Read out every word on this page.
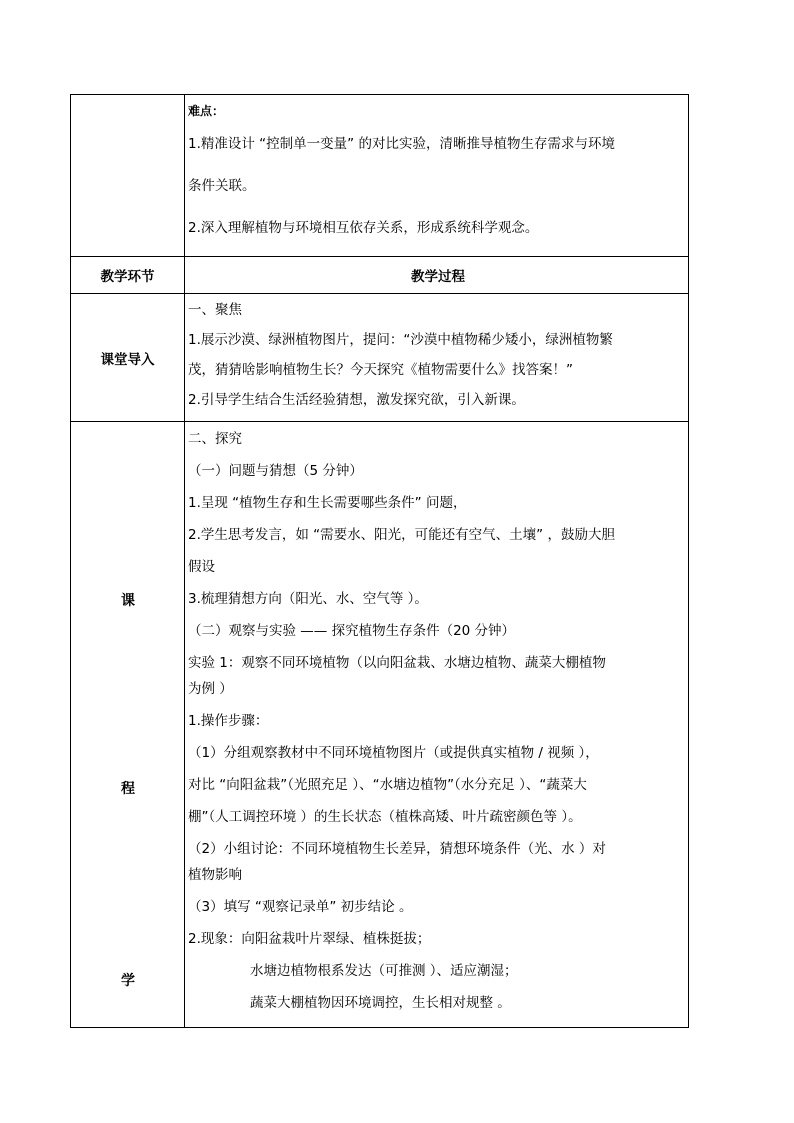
难点：
1.精准设计 “控制单一变量” 的对比实验，清晰推导植物生存需求与环境
条件关联。
2.深入理解植物与环境相互依存关系，形成系统科学观念。
教学环节	教学过程
课堂导入
一、聚焦
1.展示沙漠、绿洲植物图片，提问：“沙漠中植物稀少矮小，绿洲植物繁
茂，猜猜啥影响植物生长？今天探究《植物需要什么》找答案！”
2.引导学生结合生活经验猜想，激发探究欲，引入新课。
课
程
学
二、探究
（一）问题与猜想（5 分钟）
1.呈现 “植物生存和生长需要哪些条件” 问题，
2.学生思考发言，如 “需要水、阳光，可能还有空气、土壤” ，鼓励大胆
假设
3.梳理猜想方向（阳光、水、空气等 ）。
（二）观察与实验 —— 探究植物生存条件（20 分钟）
实验 1：观察不同环境植物（以向阳盆栽、水塘边植物、蔬菜大棚植物
为例 ）
1.操作步骤：
（1）分组观察教材中不同环境植物图片（或提供真实植物 / 视频 ），
对比 “向阳盆栽”（光照充足 ）、“水塘边植物”（水分充足 ）、“蔬菜大
棚”（人工调控环境 ）的生长状态（植株高矮、叶片疏密颜色等 ）。
（2）小组讨论：不同环境植物生长差异，猜想环境条件（光、水 ）对
植物影响
（3）填写 “观察记录单” 初步结论 。
2.现象：向阳盆栽叶片翠绿、植株挺拔；
水塘边植物根系发达（可推测 ）、适应潮湿；
蔬菜大棚植物因环境调控，生长相对规整 。
